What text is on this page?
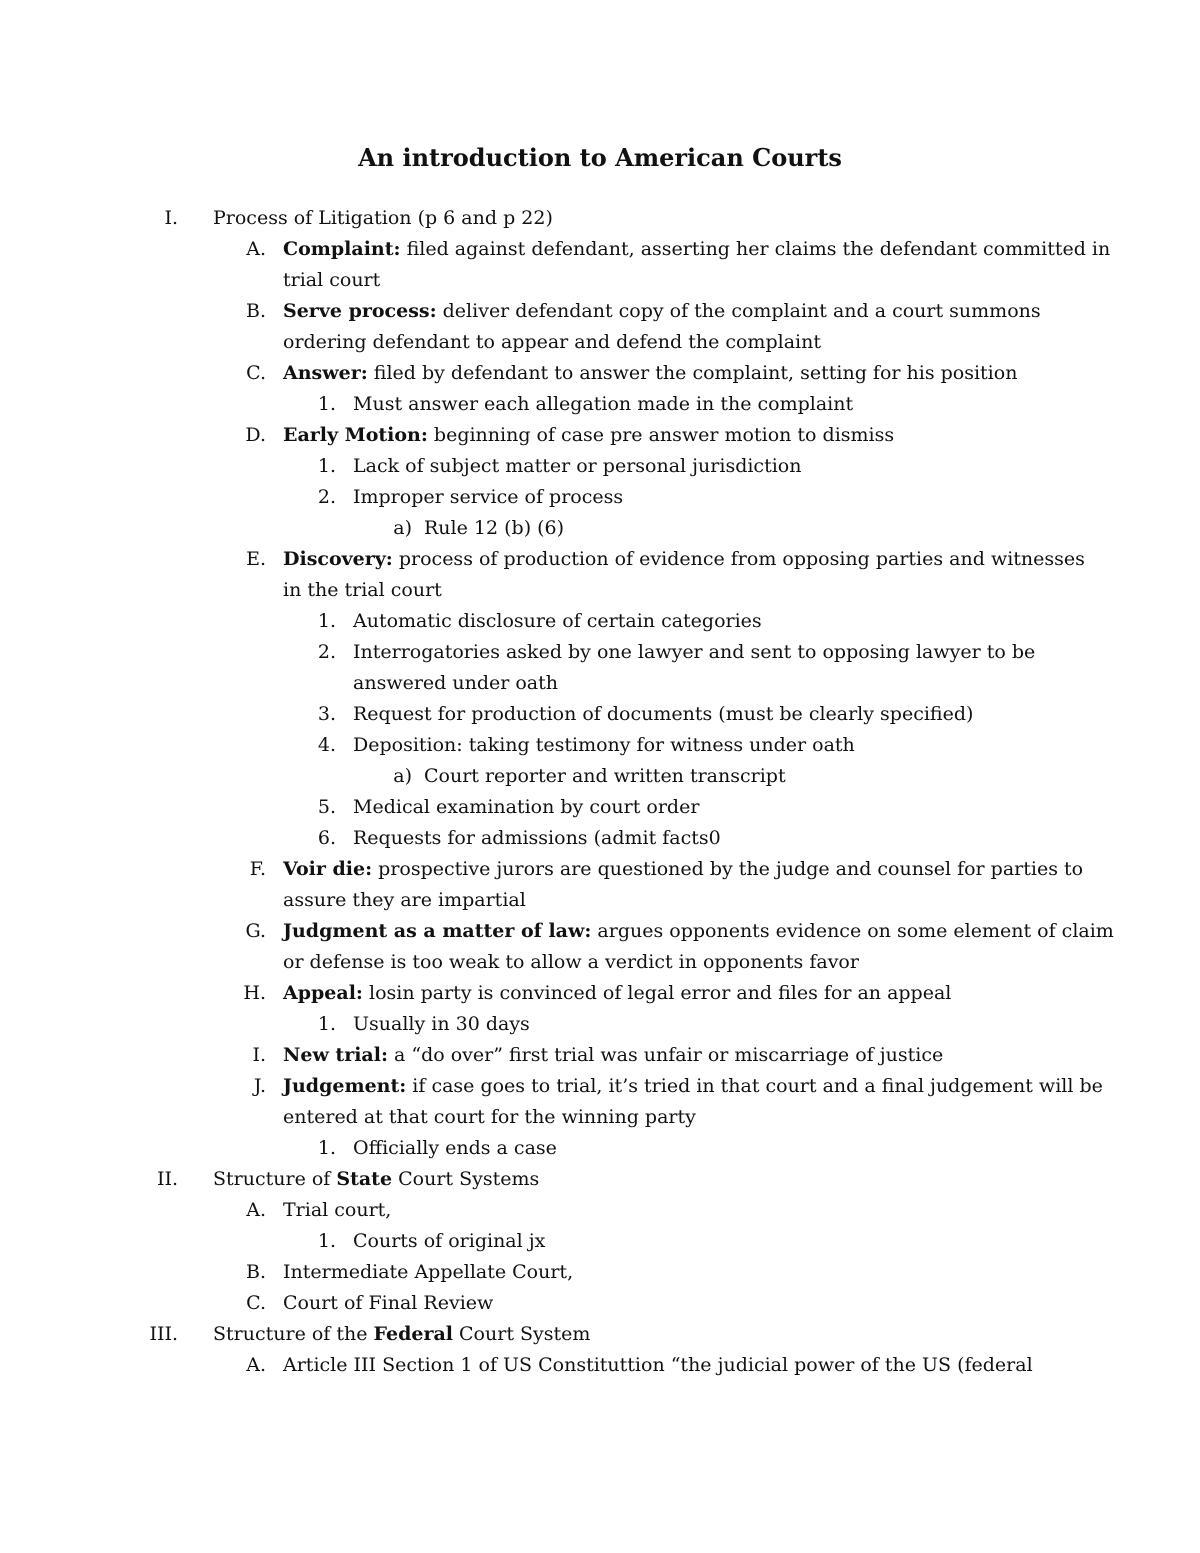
An introduction to American Courts
I. Process of Litigation (p 6 and p 22)
A. Complaint: filed against defendant, asserting her claims the defendant committed in
trial court
B. Serve process: deliver defendant copy of the complaint and a court summons
ordering defendant to appear and defend the complaint
C. Answer: filed by defendant to answer the complaint, setting for his position
1. Must answer each allegation made in the complaint
D. Early Motion: beginning of case pre answer motion to dismiss
1. Lack of subject matter or personal jurisdiction
2. Improper service of process
a) Rule 12 (b) (6)
E. Discovery: process of production of evidence from opposing parties and witnesses
in the trial court
1. Automatic disclosure of certain categories
2. Interrogatories asked by one lawyer and sent to opposing lawyer to be
answered under oath
3. Request for production of documents (must be clearly specified)
4. Deposition: taking testimony for witness under oath
a) Court reporter and written transcript
5. Medical examination by court order
6. Requests for admissions (admit facts0
F. Voir die: prospective jurors are questioned by the judge and counsel for parties to
assure they are impartial
G. Judgment as a matter of law: argues opponents evidence on some element of claim
or defense is too weak to allow a verdict in opponents favor
H. Appeal: losin party is convinced of legal error and files for an appeal
1. Usually in 30 days
I. New trial: a “do over” first trial was unfair or miscarriage of justice
J. Judgement: if case goes to trial, it’s tried in that court and a final judgement will be
entered at that court for the winning party
1. Officially ends a case
II. Structure of State Court Systems
A. Trial court,
1. Courts of original jx
B. Intermediate Appellate Court,
C. Court of Final Review
III. Structure of the Federal Court System
A. Article III Section 1 of US Constituttion “the judicial power of the US (federal
